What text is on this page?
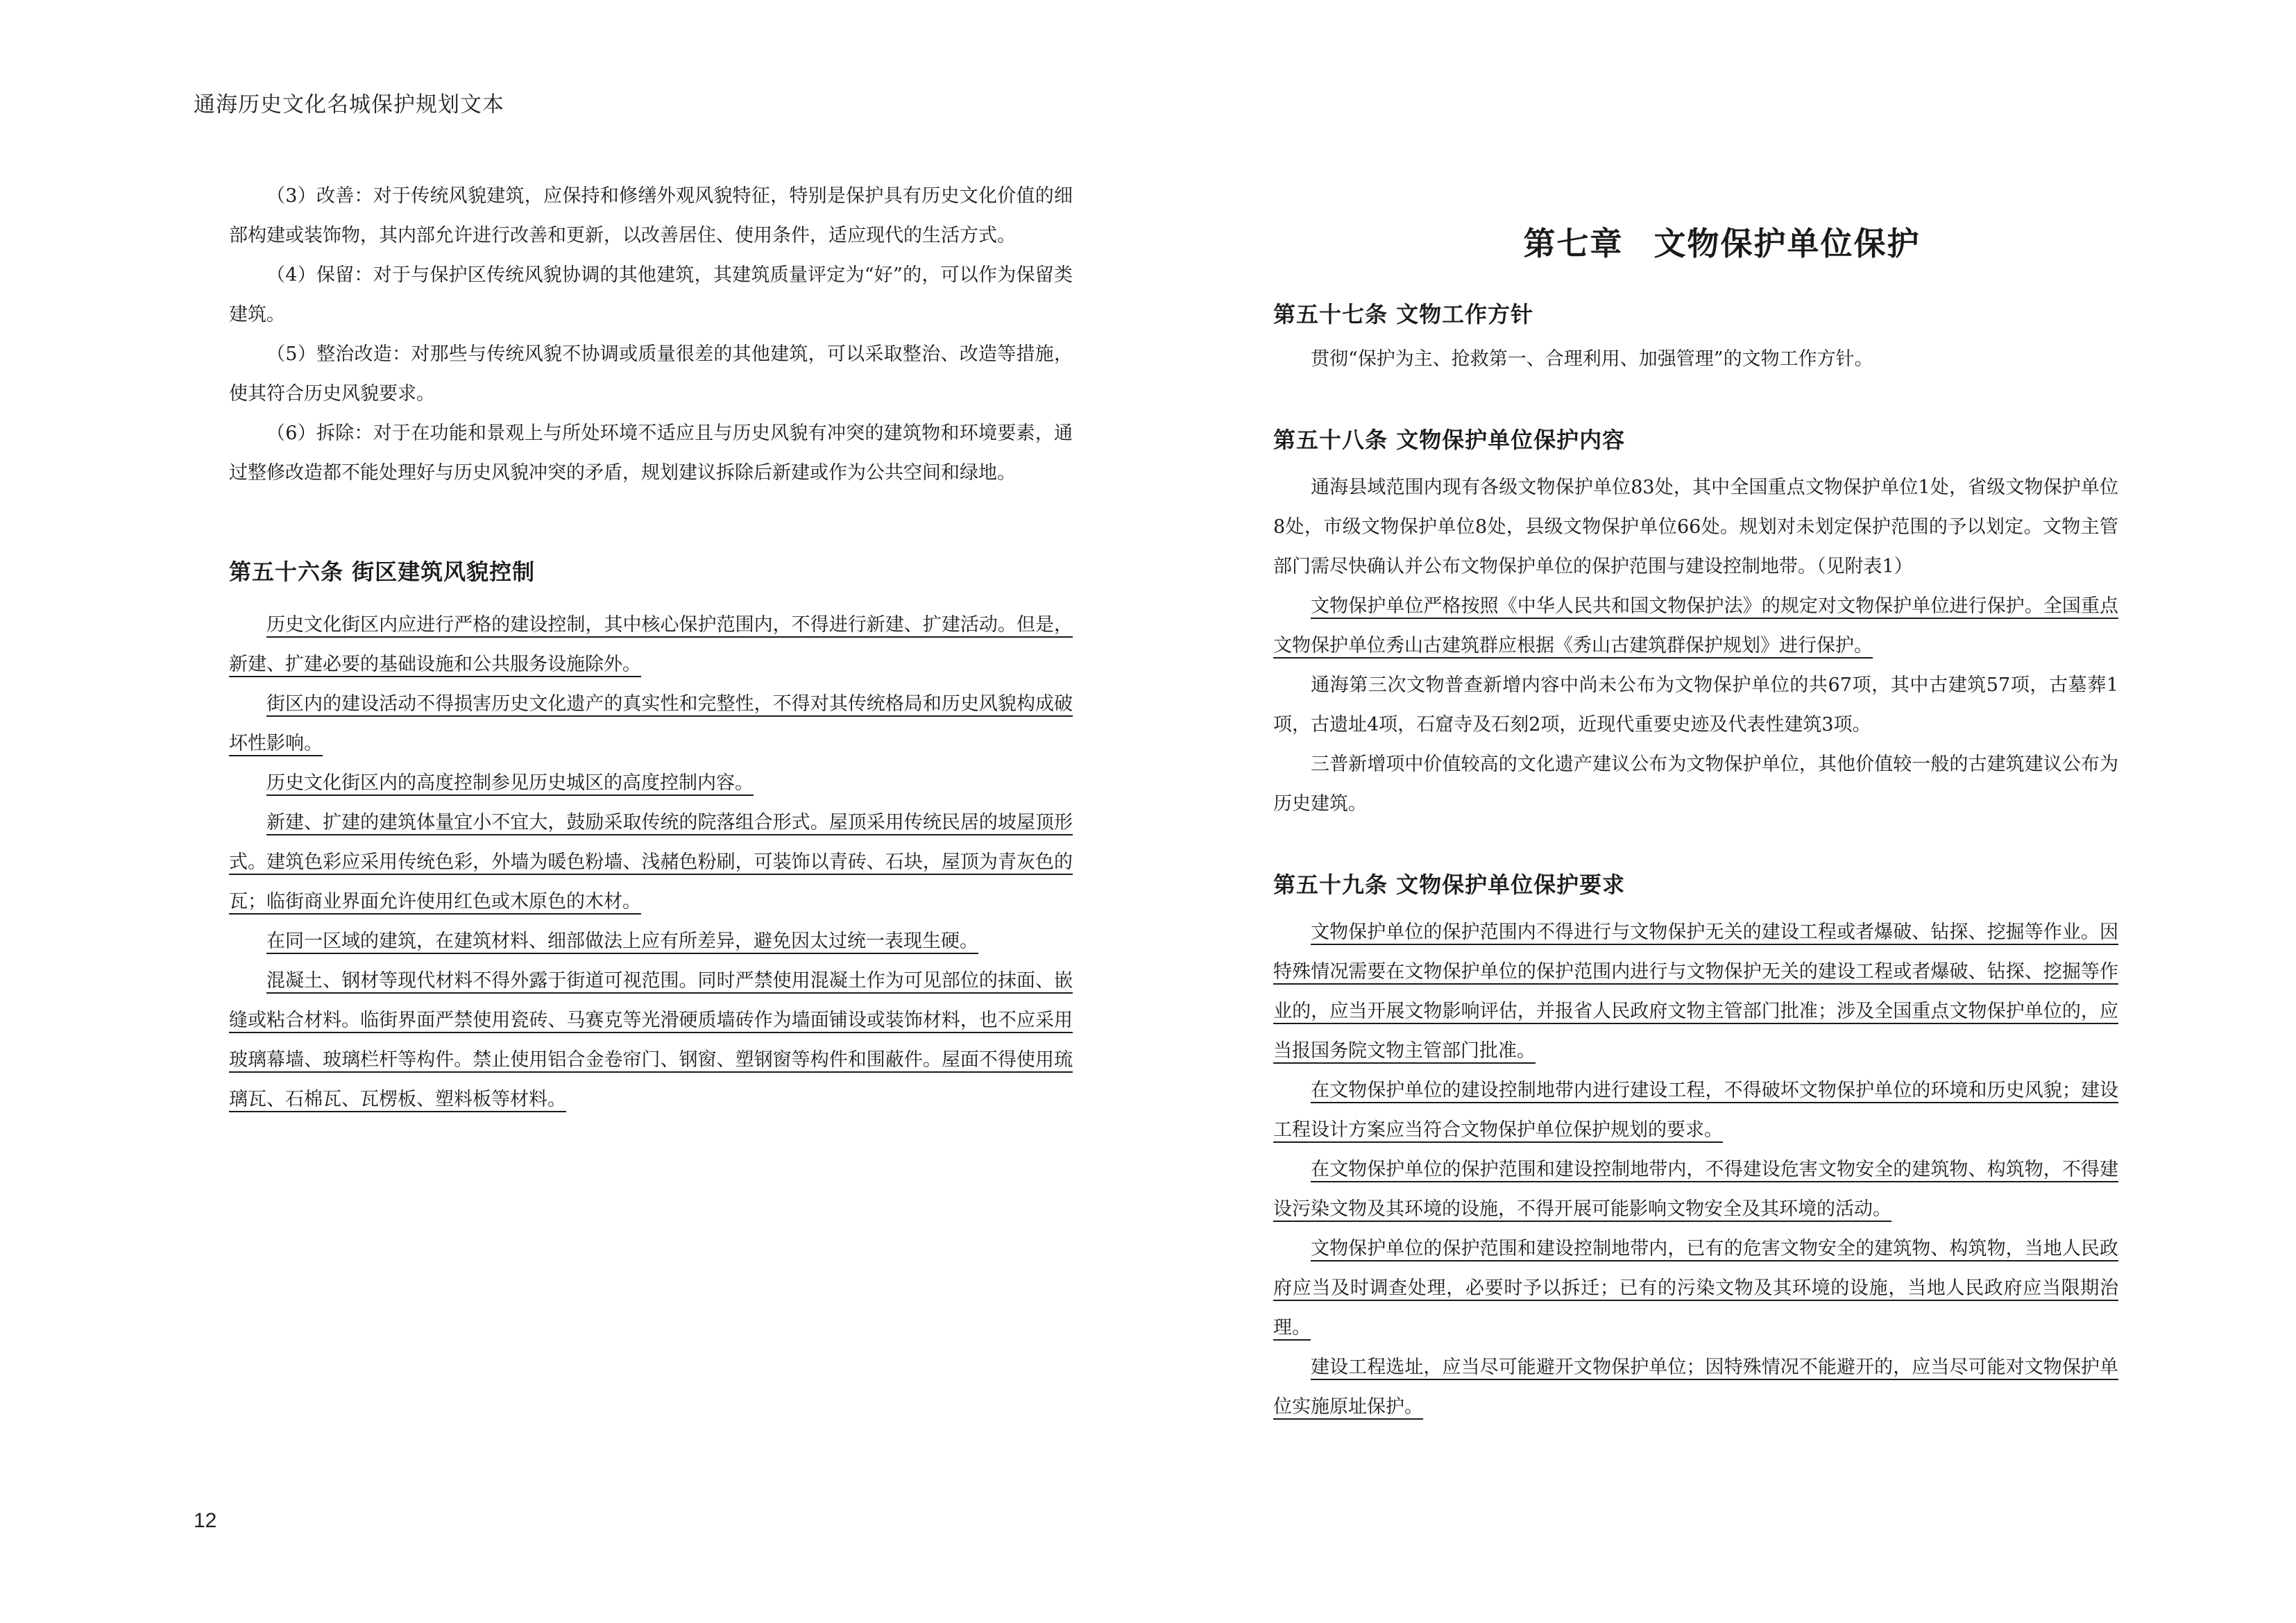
通海历史文化名城保护规划文本

（3）改善：对于传统风貌建筑，应保持和修缮外观风貌特征，特别是保护具有历史文化价值的细部构建或装饰物，其内部允许进行改善和更新，以改善居住、使用条件，适应现代的生活方式。

（4）保留：对于与保护区传统风貌协调的其他建筑，其建筑质量评定为“好”的，可以作为保留类建筑。

（5）整治改造：对那些与传统风貌不协调或质量很差的其他建筑，可以采取整治、改造等措施，使其符合历史风貌要求。

（6）拆除：对于在功能和景观上与所处环境不适应且与历史风貌有冲突的建筑物和环境要素，通过整修改造都不能处理好与历史风貌冲突的矛盾，规划建议拆除后新建或作为公共空间和绿地。

第五十六条 街区建筑风貌控制

历史文化街区内应进行严格的建设控制，其中核心保护范围内，不得进行新建、扩建活动。但是，新建、扩建必要的基础设施和公共服务设施除外。

街区内的建设活动不得损害历史文化遗产的真实性和完整性，不得对其传统格局和历史风貌构成破坏性影响。

历史文化街区内的高度控制参见历史城区的高度控制内容。

新建、扩建的建筑体量宜小不宜大，鼓励采取传统的院落组合形式。屋顶采用传统民居的坡屋顶形式。建筑色彩应采用传统色彩，外墙为暖色粉墙、浅赭色粉刷，可装饰以青砖、石块，屋顶为青灰色的瓦；临街商业界面允许使用红色或木原色的木材。

在同一区域的建筑，在建筑材料、细部做法上应有所差异，避免因太过统一表现生硬。

混凝土、钢材等现代材料不得外露于街道可视范围。同时严禁使用混凝土作为可见部位的抹面、嵌缝或粘合材料。临街界面严禁使用瓷砖、马赛克等光滑硬质墙砖作为墙面铺设或装饰材料，也不应采用玻璃幕墙、玻璃栏杆等构件。禁止使用铝合金卷帘门、钢窗、塑钢窗等构件和围蔽件。屋面不得使用琉璃瓦、石棉瓦、瓦楞板、塑料板等材料。

12
第七章 文物保护单位保护
第五十七条 文物工作方针

贯彻“保护为主、抢救第一、合理利用、加强管理”的文物工作方针。

第五十八条 文物保护单位保护内容

通海县域范围内现有各级文物保护单位83处，其中全国重点文物保护单位1处，省级文物保护单位8处，市级文物保护单位8处，县级文物保护单位66处。规划对未划定保护范围的予以划定。文物主管部门需尽快确认并公布文物保护单位的保护范围与建设控制地带。（见附表1）

文物保护单位严格按照《中华人民共和国文物保护法》的规定对文物保护单位进行保护。全国重点文物保护单位秀山古建筑群应根据《秀山古建筑群保护规划》进行保护。

通海第三次文物普查新增内容中尚未公布为文物保护单位的共67项，其中古建筑57项，古墓葬1项，古遗址4项，石窟寺及石刻2项，近现代重要史迹及代表性建筑3项。

三普新增项中价值较高的文化遗产建议公布为文物保护单位，其他价值较一般的古建筑建议公布为历史建筑。

第五十九条 文物保护单位保护要求

文物保护单位的保护范围内不得进行与文物保护无关的建设工程或者爆破、钻探、挖掘等作业。因特殊情况需要在文物保护单位的保护范围内进行与文物保护无关的建设工程或者爆破、钻探、挖掘等作业的，应当开展文物影响评估，并报省人民政府文物主管部门批准；涉及全国重点文物保护单位的，应当报国务院文物主管部门批准。

在文物保护单位的建设控制地带内进行建设工程，不得破坏文物保护单位的环境和历史风貌；建设工程设计方案应当符合文物保护单位保护规划的要求。

在文物保护单位的保护范围和建设控制地带内，不得建设危害文物安全的建筑物、构筑物，不得建设污染文物及其环境的设施，不得开展可能影响文物安全及其环境的活动。

文物保护单位的保护范围和建设控制地带内，已有的危害文物安全的建筑物、构筑物，当地人民政府应当及时调查处理，必要时予以拆迁；已有的污染文物及其环境的设施，当地人民政府应当限期治理。

建设工程选址，应当尽可能避开文物保护单位；因特殊情况不能避开的，应当尽可能对文物保护单位实施原址保护。
